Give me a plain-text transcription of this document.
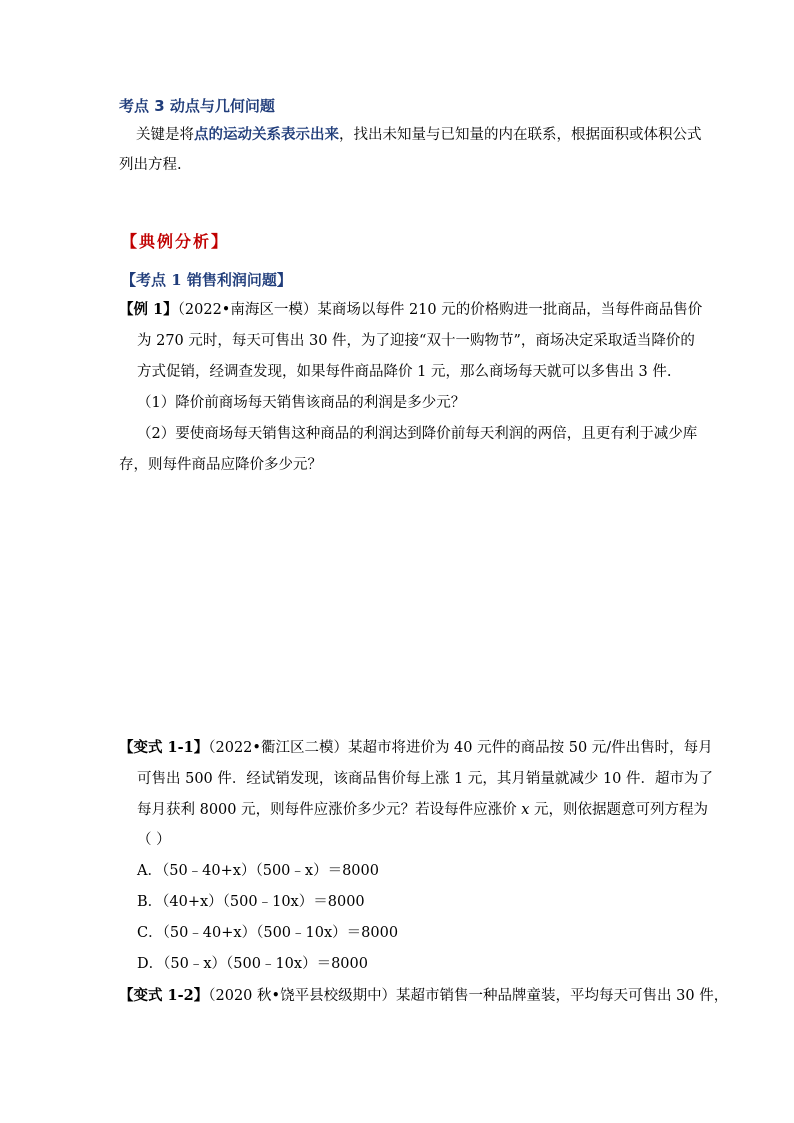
考点 3 动点与几何问题
关键是将点的运动关系表示出来，找出未知量与已知量的内在联系，根据面积或体积公式
列出方程.
【典例分析】
【考点 1 销售利润问题】
【例 1】（2022•南海区一模）某商场以每件 210 元的价格购进一批商品，当每件商品售价
为 270 元时，每天可售出 30 件，为了迎接“双十一购物节”，商场决定采取适当降价的
方式促销，经调查发现，如果每件商品降价 1 元，那么商场每天就可以多售出 3 件.
（1）降价前商场每天销售该商品的利润是多少元？
（2）要使商场每天销售这种商品的利润达到降价前每天利润的两倍，且更有利于减少库
存，则每件商品应降价多少元？
【变式 1-1】（2022•衢江区二模）某超市将进价为 40 元件的商品按 50 元/件出售时，每月
可售出 500 件．经试销发现，该商品售价每上涨 1 元，其月销量就减少 10 件．超市为了
每月获利 8000 元，则每件应涨价多少元？若设每件应涨价 x 元，则依据题意可列方程为
（ ）
A．（50﹣40+x）（500﹣x）＝8000
B．（40+x）（500﹣10x）＝8000
C．（50﹣40+x）（500﹣10x）＝8000
D．（50﹣x）（500﹣10x）＝8000
【变式 1-2】（2020 秋•饶平县校级期中）某超市销售一种品牌童装，平均每天可售出 30 件，
